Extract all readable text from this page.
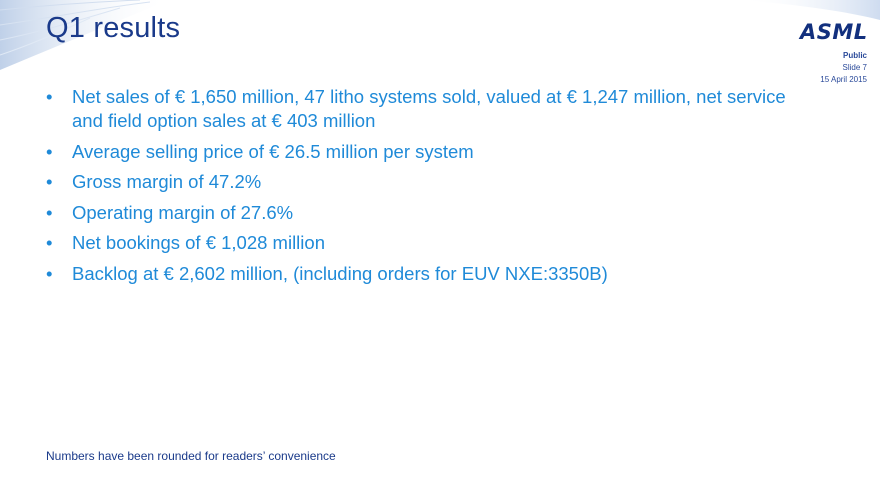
Q1 results	ASML
Public
Slide 7
15 April 2015
• Net sales of € 1,650 million, 47 litho systems sold, valued at € 1,247 million, net service and field option sales at € 403 million
• Average selling price of € 26.5 million per system
• Gross margin of 47.2%
• Operating margin of 27.6%
• Net bookings of € 1,028 million
• Backlog at € 2,602 million, (including orders for EUV NXE:3350B)
Numbers have been rounded for readers’ convenience
